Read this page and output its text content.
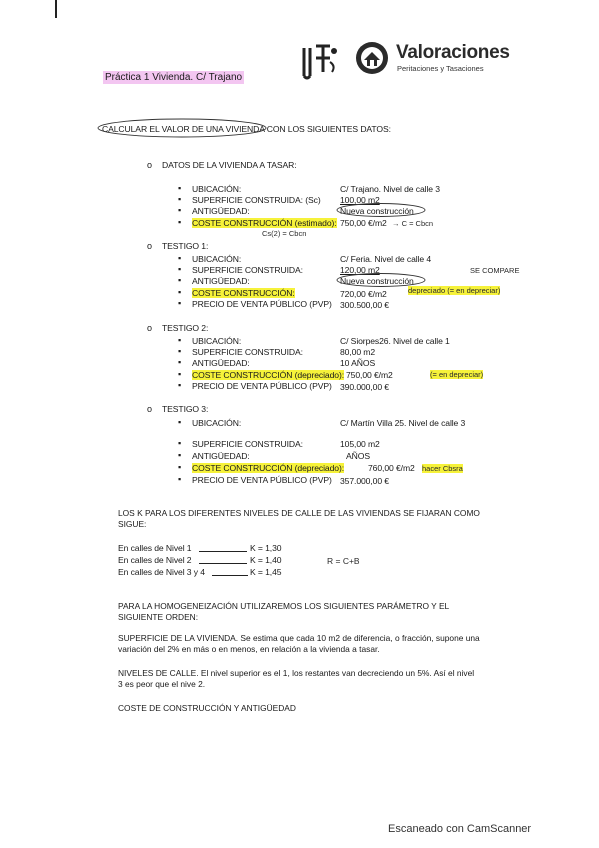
Práctica 1 Vivienda. C/ Trajano
Valoraciones
Peritaciones y Tasaciones
CALCULAR EL VALOR DE UNA VIVIENDA CON LOS SIGUIENTES DATOS:
o DATOS DE LA VIVIENDA A TASAR:
▪ UBICACIÓN:	C/ Trajano. Nivel de calle 3
▪ SUPERFICIE CONSTRUIDA: (Sc) 100,00 m2
▪ ANTIGÜEDAD:	Nueva construcción
▪ COSTE CONSTRUCCIÓN (estimado): 750,00 €/m2 → C = Cbcn
Cs(2) = Cbcn
o TESTIGO 1:
▪ UBICACIÓN:	C/ Feria. Nivel de calle 4
▪ SUPERFICIE CONSTRUIDA:	120,00 m2	SE COMPARE
▪ ANTIGÜEDAD:	Nueva construcción
▪ COSTE CONSTRUCCIÓN:	720,00 €/m2	depreciado (= en depreciar)
▪ PRECIO DE VENTA PÚBLICO (PVP) 300.500,00 €
o TESTIGO 2:
▪ UBICACIÓN:	C/ Siorpes26. Nivel de calle 1
▪ SUPERFICIE CONSTRUIDA:	80,00 m2
▪ ANTIGÜEDAD:	10 AÑOS
▪ COSTE CONSTRUCCIÓN (depreciado): 750,00 €/m2	(= en depreciar)
▪ PRECIO DE VENTA PÚBLICO (PVP) 390.000,00 €
o TESTIGO 3:
▪ UBICACIÓN:	C/ Martín Villa 25. Nivel de calle 3
▪ SUPERFICIE CONSTRUIDA:	105,00 m2
▪ ANTIGÜEDAD:	AÑOS
▪ COSTE CONSTRUCCIÓN (depreciado):	760,00 €/m2 hacer Cbsra
▪ PRECIO DE VENTA PÚBLICO (PVP) 357.000,00 €
LOS K PARA LOS DIFERENTES NIVELES DE CALLE DE LAS VIVIENDAS SE FIJARAN COMO SIGUE:
En calles de Nivel 1	K = 1,30
En calles de Nivel 2	K = 1,40
En calles de Nivel 3 y 4	K = 1,45
R = C+B
PARA LA HOMOGENEIZACIÓN UTILIZAREMOS LOS SIGUIENTES PARÁMETRO Y EL SIGUIENTE ORDEN:
SUPERFICIE DE LA VIVIENDA. Se estima que cada 10 m2 de diferencia, o fracción, supone una variación del 2% en más o en menos, en relación a la vivienda a tasar.
NIVELES DE CALLE. El nivel superior es el 1, los restantes van decreciendo un 5%. Así el nivel 3 es peor que el nive 2.
COSTE DE CONSTRUCCIÓN Y ANTIGÜEDAD
Escaneado con CamScanner
